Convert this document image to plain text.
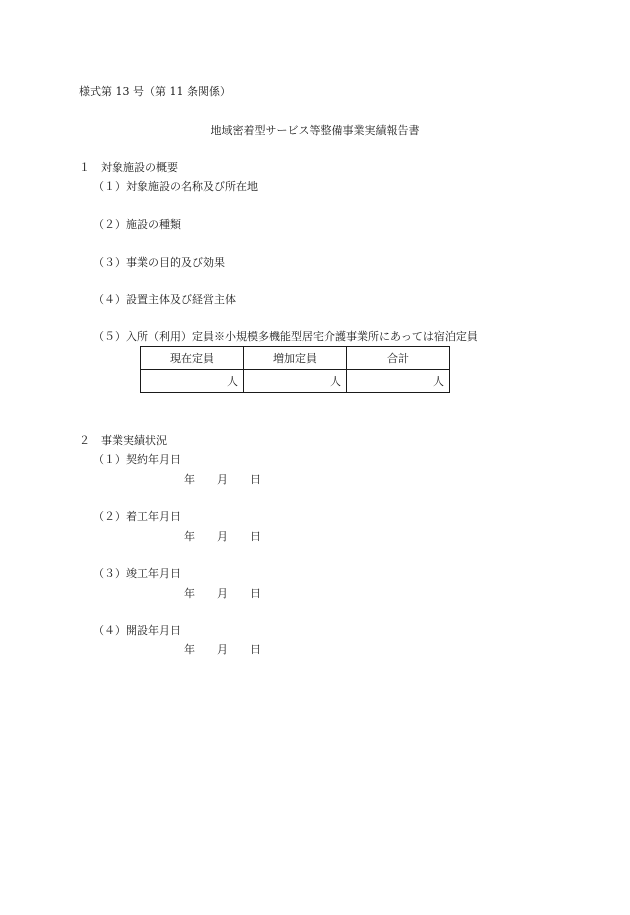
様式第 13 号（第 11 条関係）
地域密着型サービス等整備事業実績報告書
１　対象施設の概要
（１）対象施設の名称及び所在地
（２）施設の種類
（３）事業の目的及び効果
（４）設置主体及び経営主体
（５）入所（利用）定員※小規模多機能型居宅介護事業所にあっては宿泊定員
現在定員	増加定員	合計
人	人	人
２　事業実績状況
（１）契約年月日
年 月 日
（２）着工年月日
年 月 日
（３）竣工年月日
年 月 日
（４）開設年月日
年 月 日
